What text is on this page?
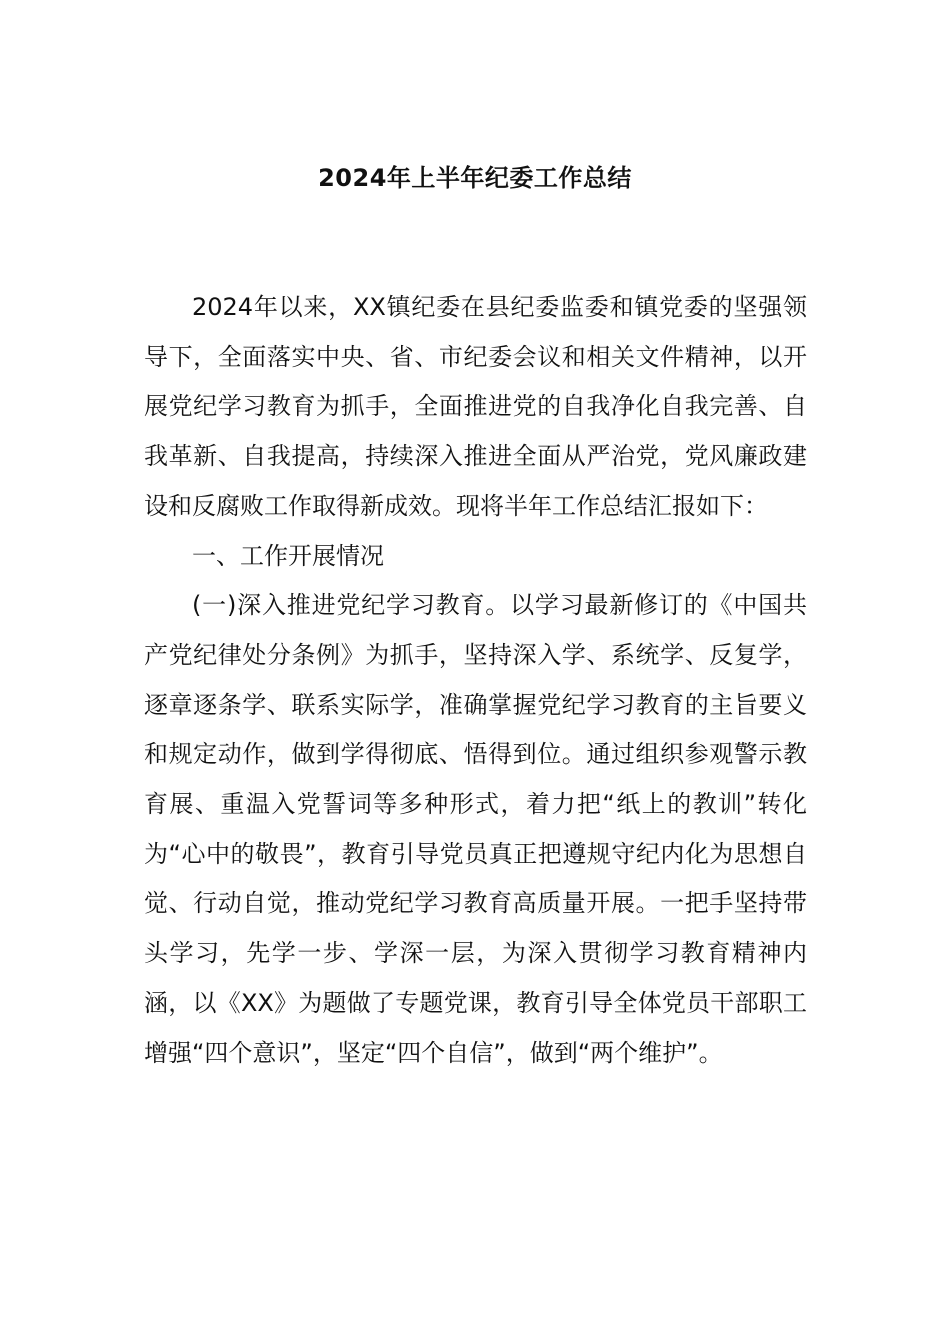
2024年上半年纪委工作总结

2024年以来，XX镇纪委在县纪委监委和镇党委的坚强领导下，全面落实中央、省、市纪委会议和相关文件精神，以开展党纪学习教育为抓手，全面推进党的自我净化自我完善、自我革新、自我提高，持续深入推进全面从严治党，党风廉政建设和反腐败工作取得新成效。现将半年工作总结汇报如下：

一、工作开展情况

(一)深入推进党纪学习教育。以学习最新修订的《中国共产党纪律处分条例》为抓手，坚持深入学、系统学、反复学，逐章逐条学、联系实际学，准确掌握党纪学习教育的主旨要义和规定动作，做到学得彻底、悟得到位。通过组织参观警示教育展、重温入党誓词等多种形式，着力把“纸上的教训”转化为“心中的敬畏”，教育引导党员真正把遵规守纪内化为思想自觉、行动自觉，推动党纪学习教育高质量开展。一把手坚持带头学习，先学一步、学深一层，为深入贯彻学习教育精神内涵，以《XX》为题做了专题党课，教育引导全体党员干部职工增强“四个意识”，坚定“四个自信”，做到“两个维护”。
